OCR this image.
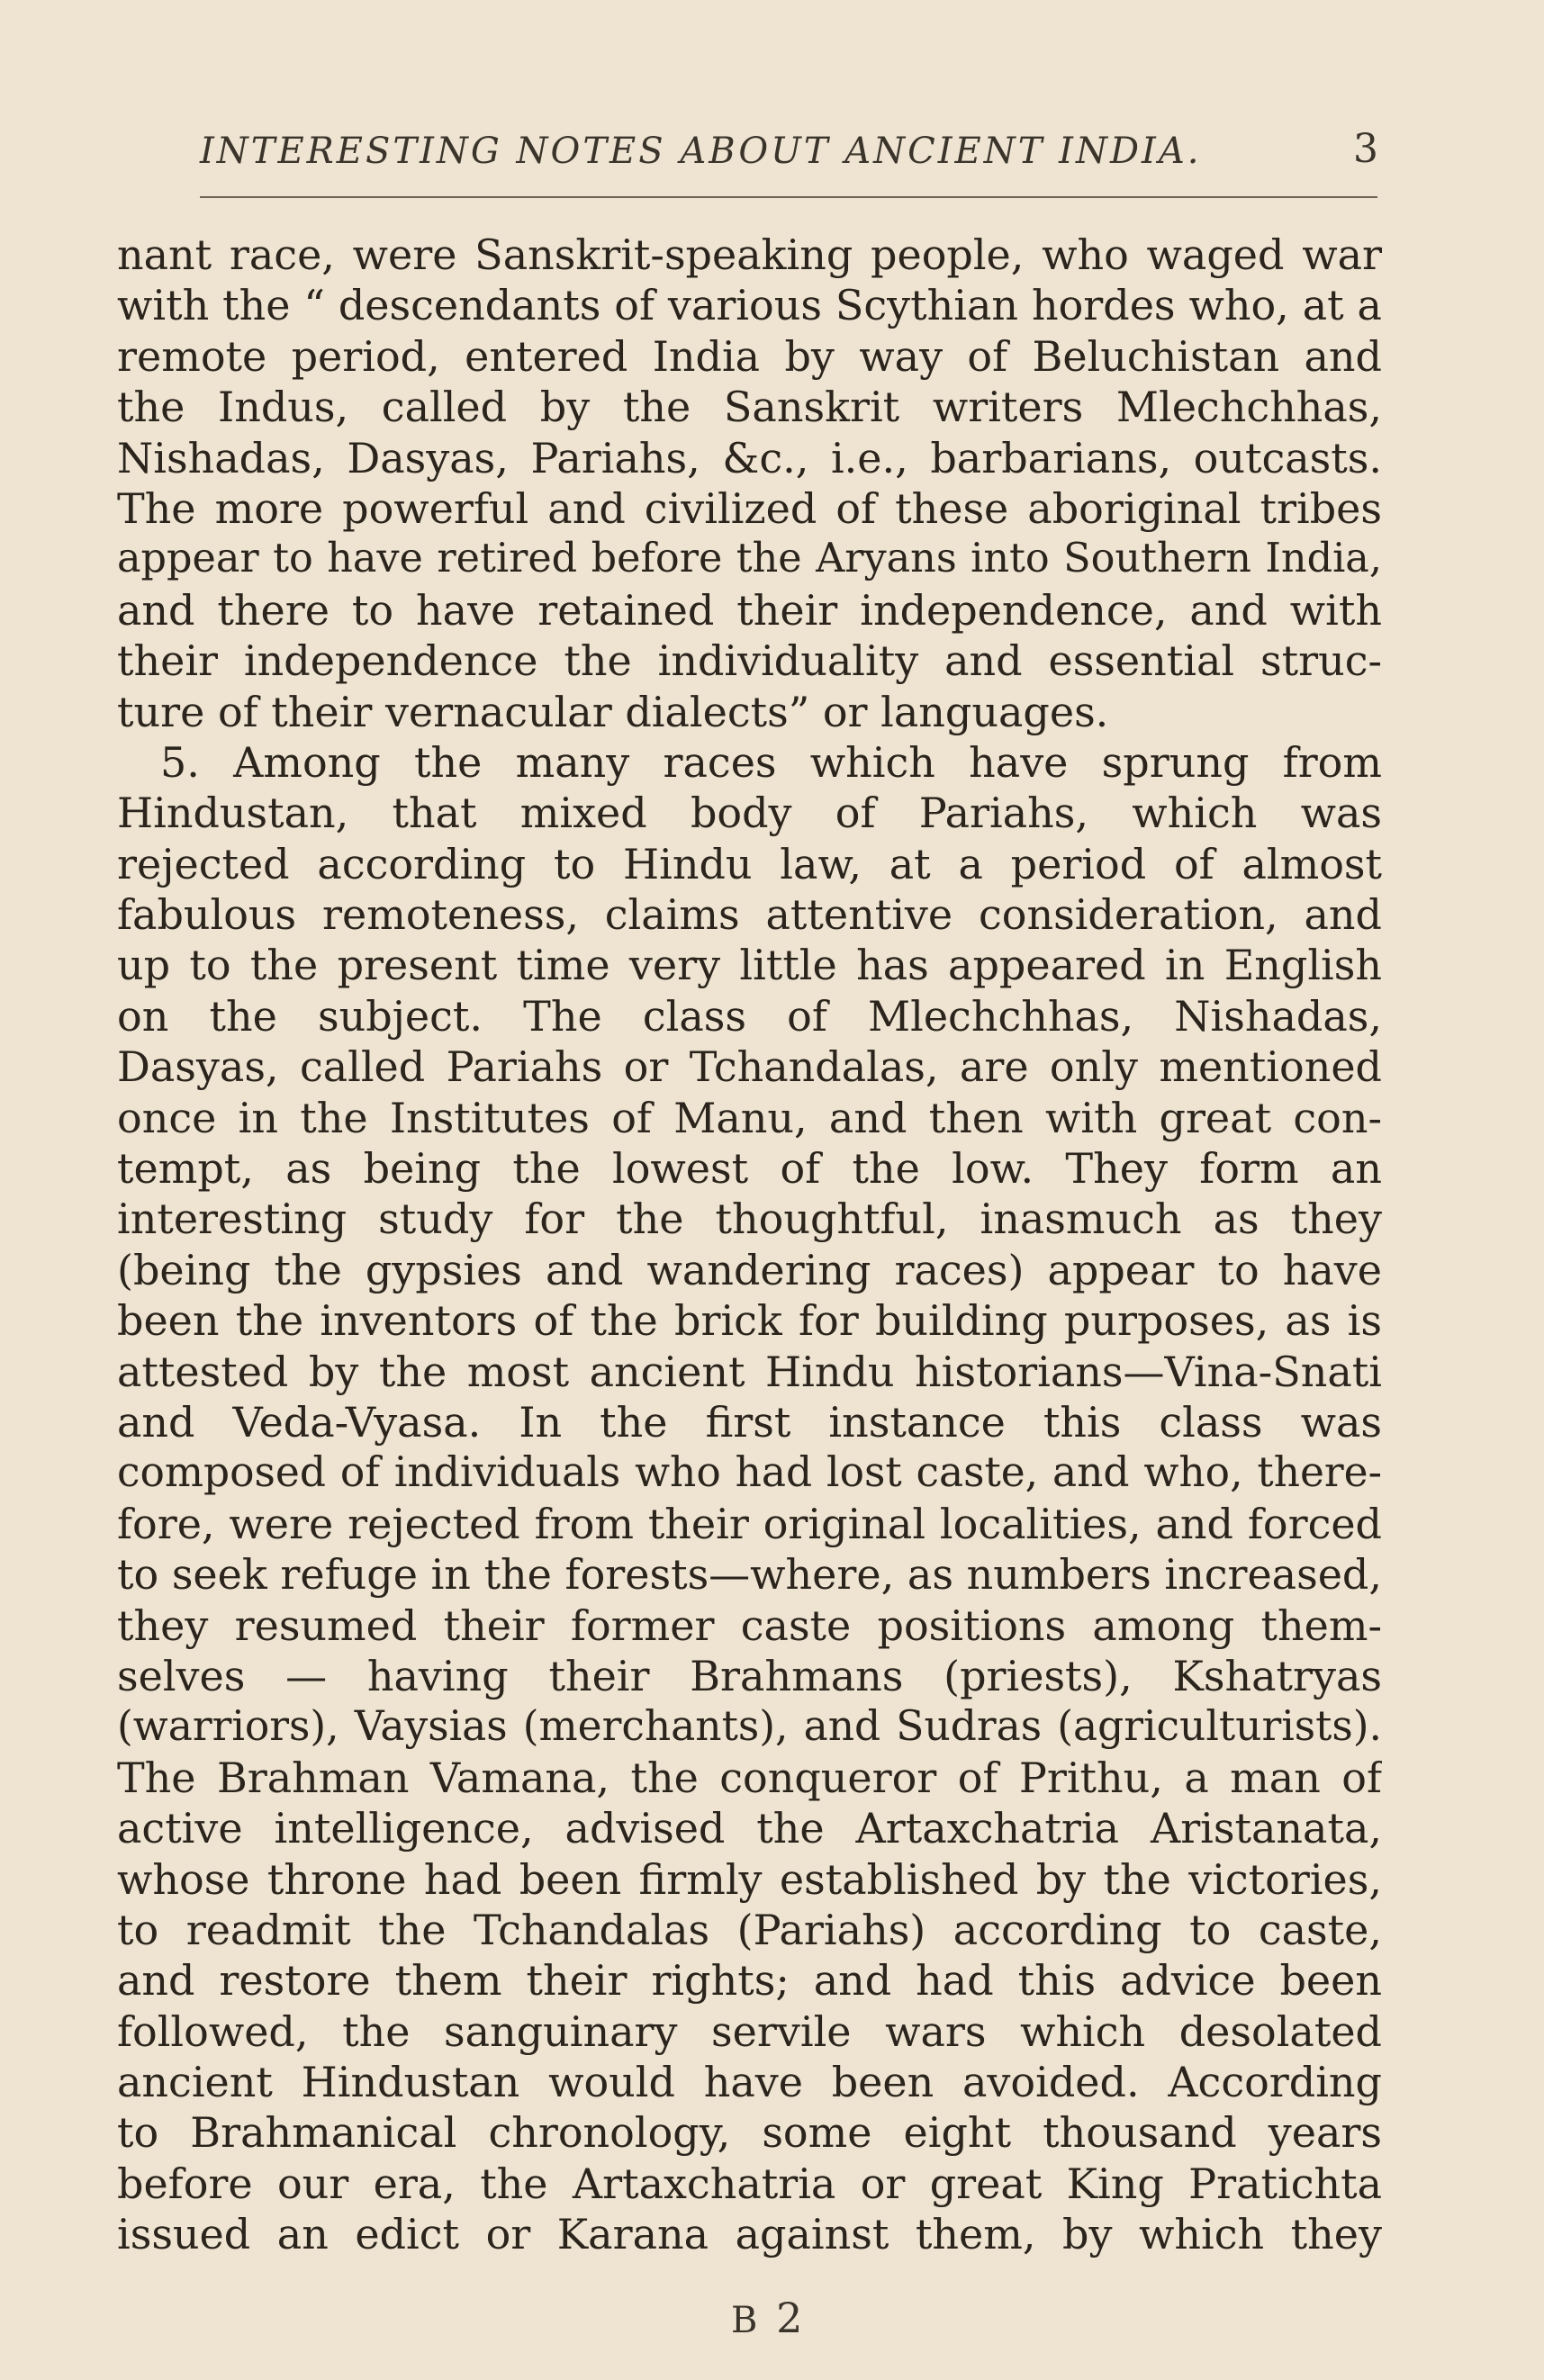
INTERESTING NOTES ABOUT ANCIENT INDIA.	3
nant race, were Sanskrit-speaking people, who waged war
with the “ descendants of various Scythian hordes who, at a
remote period, entered India by way of Beluchistan and
the Indus, called by the Sanskrit writers Mlechchhas,
Nishadas, Dasyas, Pariahs, &c., i.e., barbarians, outcasts.
The more powerful and civilized of these aboriginal tribes
appear to have retired before the Aryans into Southern India,
and there to have retained their independence, and with
their independence the individuality and essential struc-
ture of their vernacular dialects” or languages.
5. Among the many races which have sprung from
Hindustan, that mixed body of Pariahs, which was
rejected according to Hindu law, at a period of almost
fabulous remoteness, claims attentive consideration, and
up to the present time very little has appeared in English
on the subject. The class of Mlechchhas, Nishadas,
Dasyas, called Pariahs or Tchandalas, are only mentioned
once in the Institutes of Manu, and then with great con-
tempt, as being the lowest of the low. They form an
interesting study for the thoughtful, inasmuch as they
(being the gypsies and wandering races) appear to have
been the inventors of the brick for building purposes, as is
attested by the most ancient Hindu historians—Vina-Snati
and Veda-Vyasa. In the first instance this class was
composed of individuals who had lost caste, and who, there-
fore, were rejected from their original localities, and forced
to seek refuge in the forests—where, as numbers increased,
they resumed their former caste positions among them-
selves — having their Brahmans (priests), Kshatryas
(warriors), Vaysias (merchants), and Sudras (agriculturists).
The Brahman Vamana, the conqueror of Prithu, a man of
active intelligence, advised the Artaxchatria Aristanata,
whose throne had been firmly established by the victories,
to readmit the Tchandalas (Pariahs) according to caste,
and restore them their rights; and had this advice been
followed, the sanguinary servile wars which desolated
ancient Hindustan would have been avoided. According
to Brahmanical chronology, some eight thousand years
before our era, the Artaxchatria or great King Pratichta
issued an edict or Karana against them, by which they
B 2
